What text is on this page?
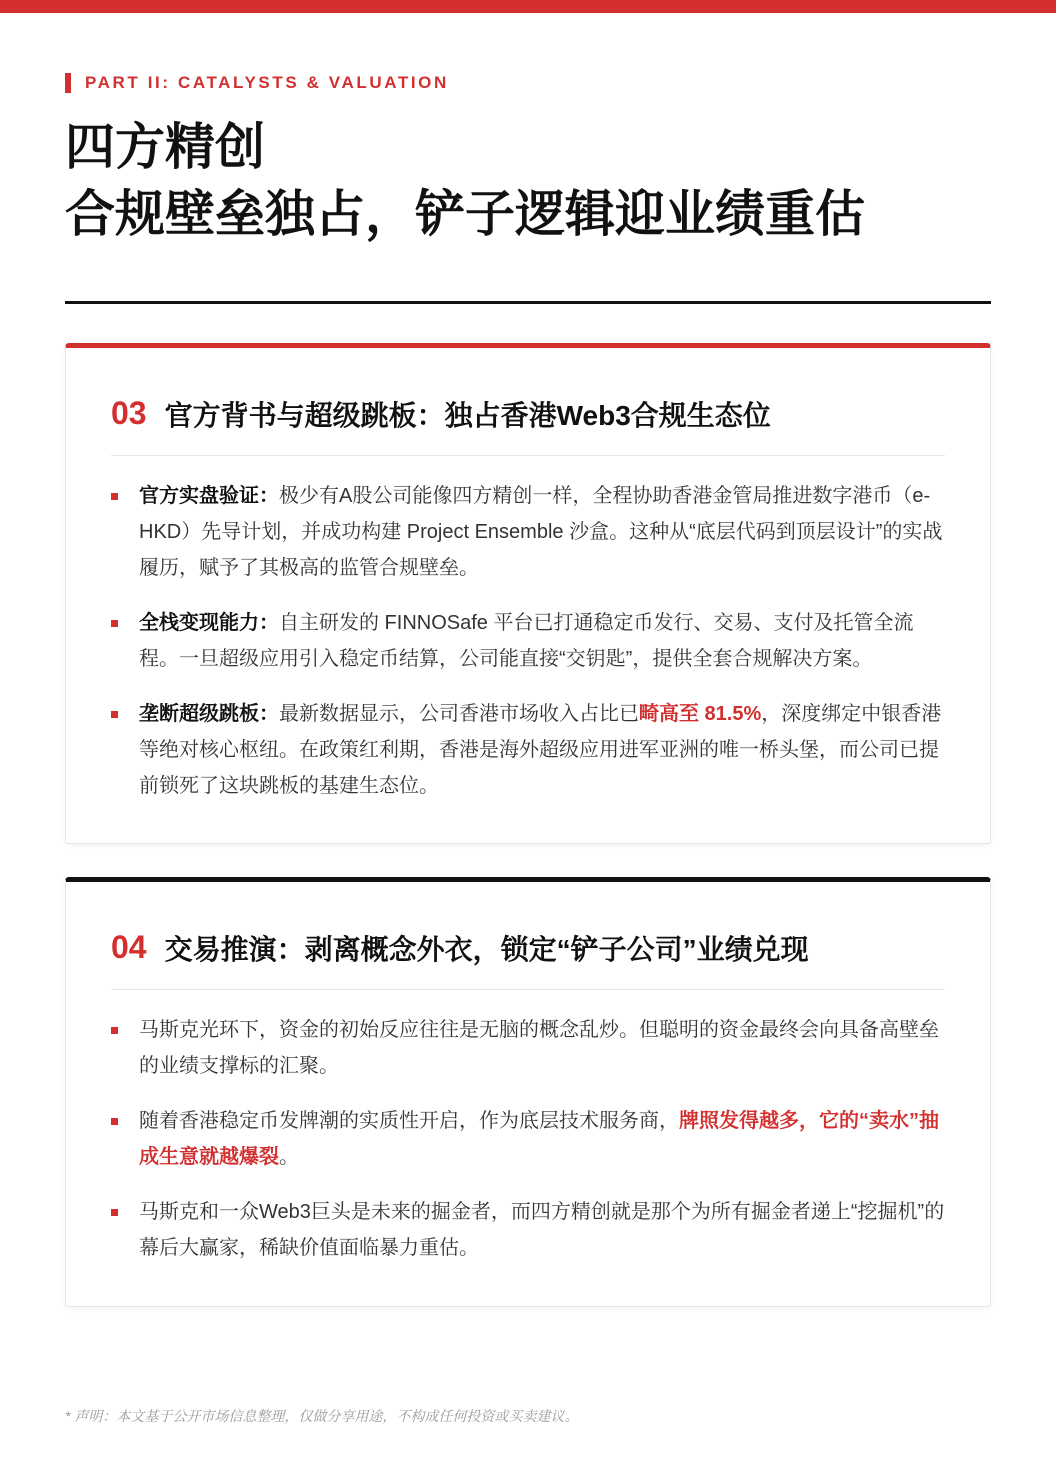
PART II: CATALYSTS & VALUATION
四方精创
合规壁垒独占，铲子逻辑迎业绩重估
03 官方背书与超级跳板：独占香港Web3合规生态位
官方实盘验证：极少有A股公司能像四方精创一样，全程协助香港金管局推进数字港币（e-HKD）先导计划，并成功构建 Project Ensemble 沙盒。这种从“底层代码到顶层设计”的实战履历，赋予了其极高的监管合规壁垒。
全栈变现能力：自主研发的 FINNOSafe 平台已打通稳定币发行、交易、支付及托管全流程。一旦超级应用引入稳定币结算，公司能直接“交钥匙”，提供全套合规解决方案。
垄断超级跳板：最新数据显示，公司香港市场收入占比已畸高至 81.5%，深度绑定中银香港等绝对核心枢纽。在政策红利期，香港是海外超级应用进军亚洲的唯一桥头堡，而公司已提前锁死了这块跳板的基建生态位。
04 交易推演：剥离概念外衣，锁定“铲子公司”业绩兑现
马斯克光环下，资金的初始反应往往是无脑的概念乱炒。但聪明的资金最终会向具备高壁垒的业绩支撑标的汇聚。
随着香港稳定币发牌潮的实质性开启，作为底层技术服务商，牌照发得越多，它的“卖水”抽成生意就越爆裂。
马斯克和一众Web3巨头是未来的掘金者，而四方精创就是那个为所有掘金者递上“挖掘机”的幕后大赢家，稀缺价值面临暴力重估。
* 声明：本文基于公开市场信息整理，仅做分享用途，不构成任何投资或买卖建议。
